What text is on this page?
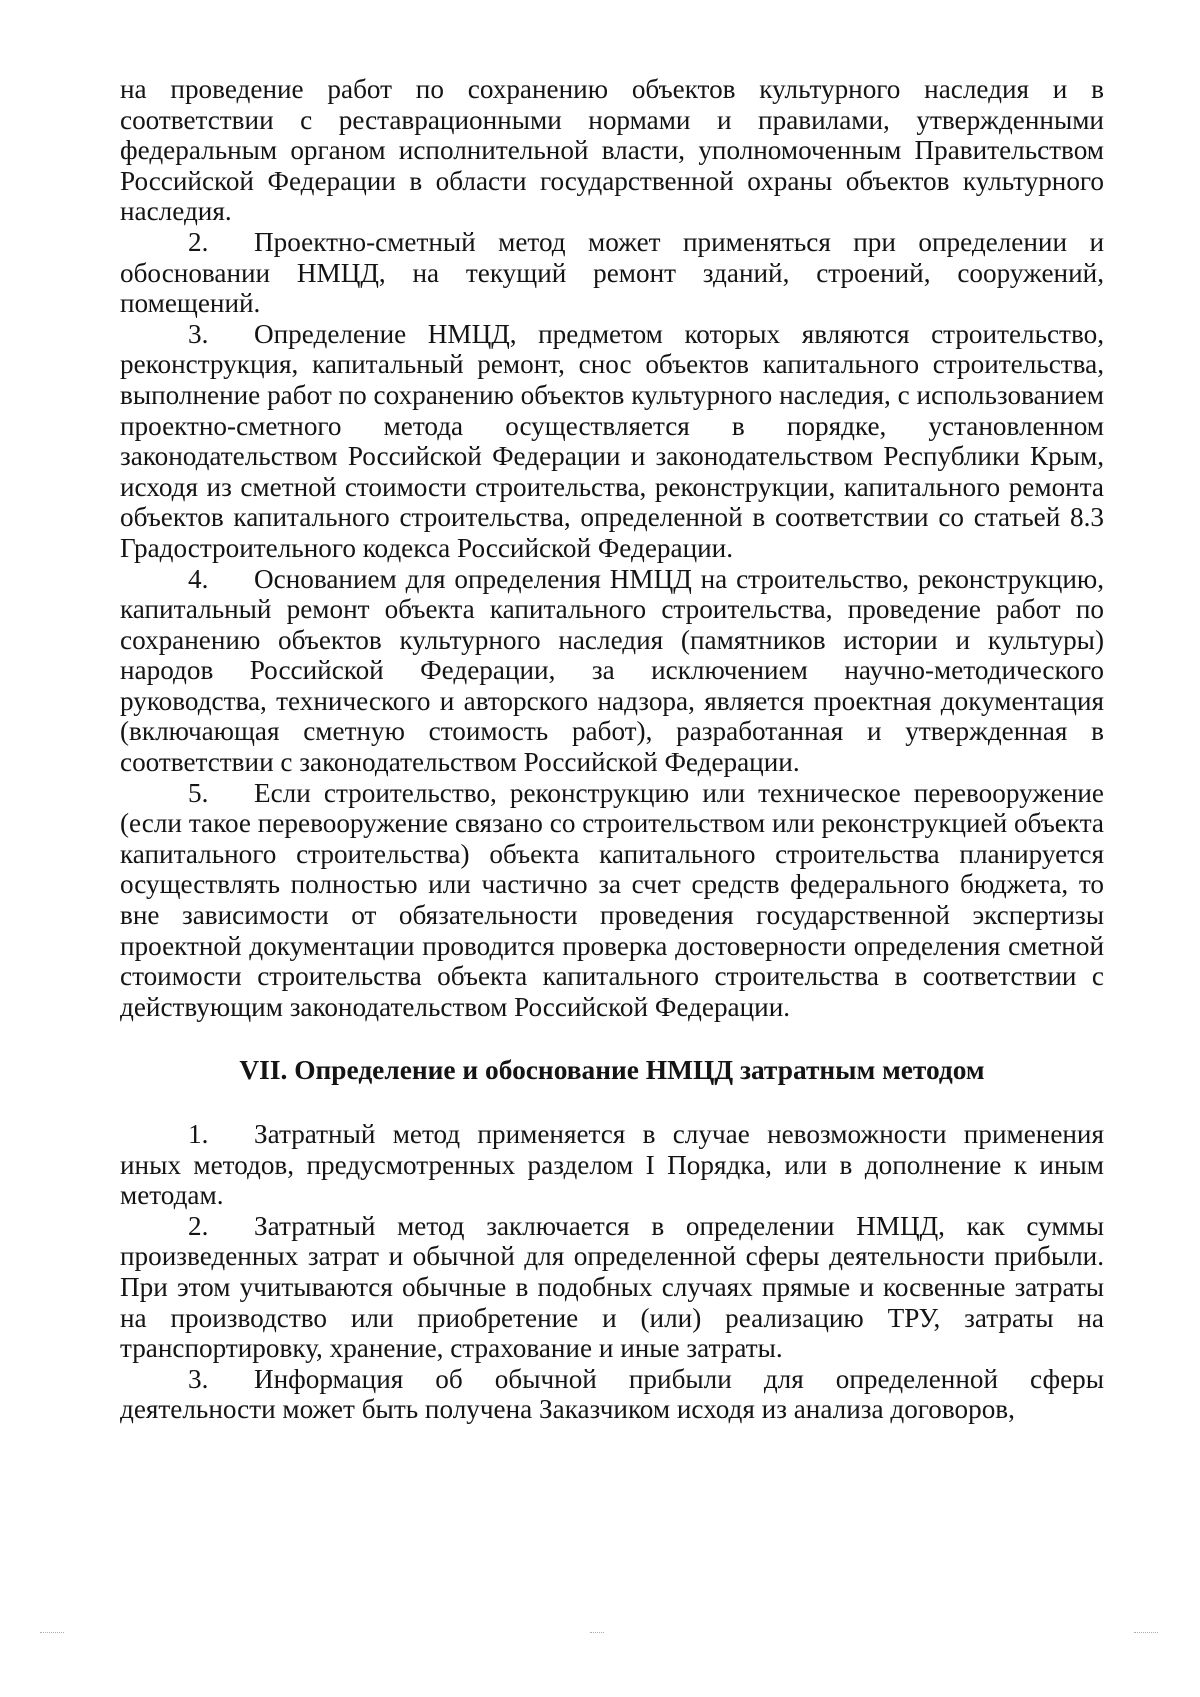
на проведение работ по сохранению объектов культурного наследия и в соответствии с реставрационными нормами и правилами, утвержденными федеральным органом исполнительной власти, уполномоченным Правительством Российской Федерации в области государственной охраны объектов культурного наследия.

2. Проектно-сметный метод может применяться при определении и обосновании НМЦД, на текущий ремонт зданий, строений, сооружений, помещений.

3. Определение НМЦД, предметом которых являются строительство, реконструкция, капитальный ремонт, снос объектов капитального строительства, выполнение работ по сохранению объектов культурного наследия, с использованием проектно-сметного метода осуществляется в порядке, установленном законодательством Российской Федерации и законодательством Республики Крым, исходя из сметной стоимости строительства, реконструкции, капитального ремонта объектов капитального строительства, определенной в соответствии со статьей 8.3 Градостроительного кодекса Российской Федерации.

4. Основанием для определения НМЦД на строительство, реконструкцию, капитальный ремонт объекта капитального строительства, проведение работ по сохранению объектов культурного наследия (памятников истории и культуры) народов Российской Федерации, за исключением научно-методического руководства, технического и авторского надзора, является проектная документация (включающая сметную стоимость работ), разработанная и утвержденная в соответствии с законодательством Российской Федерации.

5. Если строительство, реконструкцию или техническое перевооружение (если такое перевооружение связано со строительством или реконструкцией объекта капитального строительства) объекта капитального строительства планируется осуществлять полностью или частично за счет средств федерального бюджета, то вне зависимости от обязательности проведения государственной экспертизы проектной документации проводится проверка достоверности определения сметной стоимости строительства объекта капитального строительства в соответствии с действующим законодательством Российской Федерации.

VII. Определение и обоснование НМЦД затратным методом

1. Затратный метод применяется в случае невозможности применения иных методов, предусмотренных разделом I Порядка, или в дополнение к иным методам.

2. Затратный метод заключается в определении НМЦД, как суммы произведенных затрат и обычной для определенной сферы деятельности прибыли. При этом учитываются обычные в подобных случаях прямые и косвенные затраты на производство или приобретение и (или) реализацию ТРУ, затраты на транспортировку, хранение, страхование и иные затраты.

3. Информация об обычной прибыли для определенной сферы деятельности может быть получена Заказчиком исходя из анализа договоров,
